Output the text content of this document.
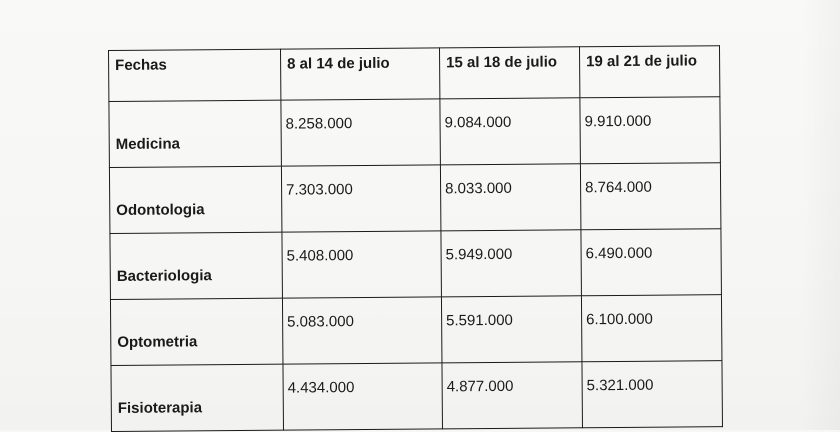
Fechas	8 al 14 de julio	15 al 18 de julio	19 al 21 de julio

Medicina	8.258.000	9.084.000	9.910.000

Odontologia	7.303.000	8.033.000	8.764.000

Bacteriologia	5.408.000	5.949.000	6.490.000

Optometria	5.083.000	5.591.000	6.100.000

Fisioterapia	4.434.000	4.877.000	5.321.000
